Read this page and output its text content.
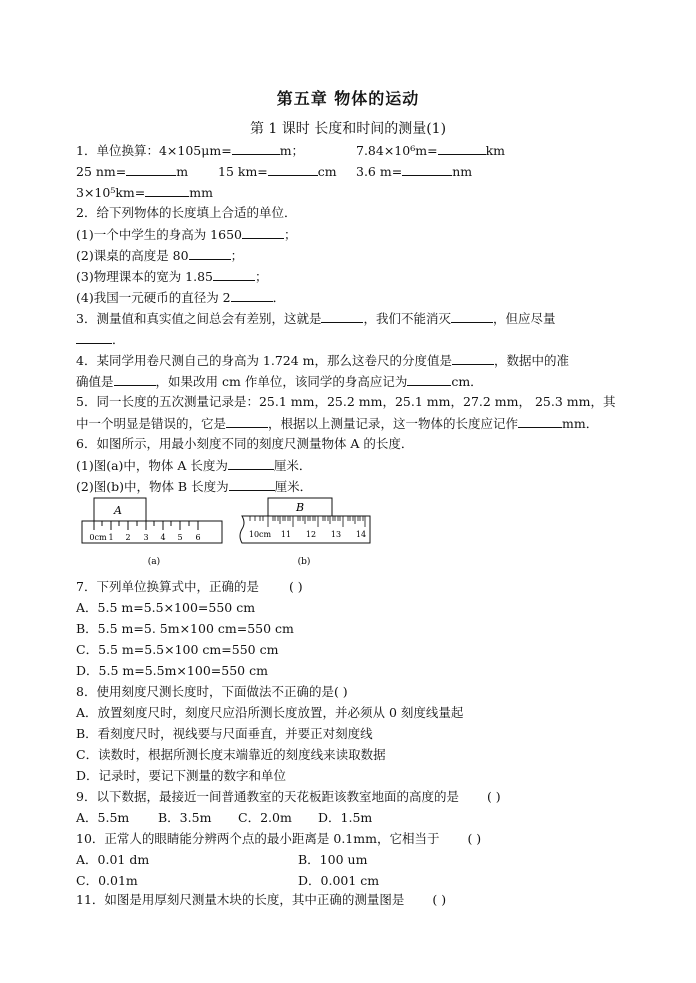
第五章 物体的运动
第 1 课时 长度和时间的测量(1)
1．单位换算：4×105μm=	m；	7.84×10⁶m=	km
25 nm=	m 15 km=	cm 3.6 m=	nm
3×10⁵km=	mm
2．给下列物体的长度填上合适的单位．
(1)一个中学生的身高为 1650	；
(2)课桌的高度是 80	；
(3)物理课本的宽为 1.85	；
(4)我国一元硬币的直径为 2	．
3．测量值和真实值之间总会有差别，这就是	，我们不能消灭	，但应尽量
．
4．某同学用卷尺测自己的身高为 1.724 m，那么这卷尺的分度值是	，数据中的准
确值是	，如果改用 cm 作单位，该同学的身高应记为	cm．
5．同一长度的五次测量记录是：25.1 mm，25.2 mm，25.1 mm，27.2 mm， 25.3 mm，其
中一个明显是错误的，它是	，根据以上测量记录，这一物体的长度应记作	mm．
6．如图所示，用最小刻度不同的刻度尺测量物体 A 的长度．
(1)图(a)中，物体 A 长度为	厘米．
(2)图(b)中，物体 B 长度为	厘米．
A
0cm 1 2 3 4 5 6
(a)
B
10cm 11 12 13 14
(b)
7．下列单位换算式中，正确的是 ( )
A．5.5 m=5.5×100=550 cm
B．5.5 m=5. 5m×100 cm=550 cm
C．5.5 m=5.5×100 cm=550 cm
D．5.5 m=5.5m×100=550 cm
8．使用刻度尺测长度时，下面做法不正确的是( )
A．放置刻度尺时，刻度尺应沿所测长度放置，并必须从 0 刻度线量起
B．看刻度尺时，视线要与尺面垂直，并要正对刻度线
C．读数时，根据所测长度末端靠近的刻度线来读取数据
D．记录时，要记下测量的数字和单位
9．以下数据，最接近一间普通教室的天花板距该教室地面的高度的是 ( )
A．5.5m B．3.5m C．2.0m D．1.5m
10．正常人的眼睛能分辨两个点的最小距离是 0.1mm，它相当于 ( )
A．0.01 dm	B．100 um
C．0.01m	D．0.001 cm
11．如图是用厚刻尺测量木块的长度，其中正确的测量图是 ( )
